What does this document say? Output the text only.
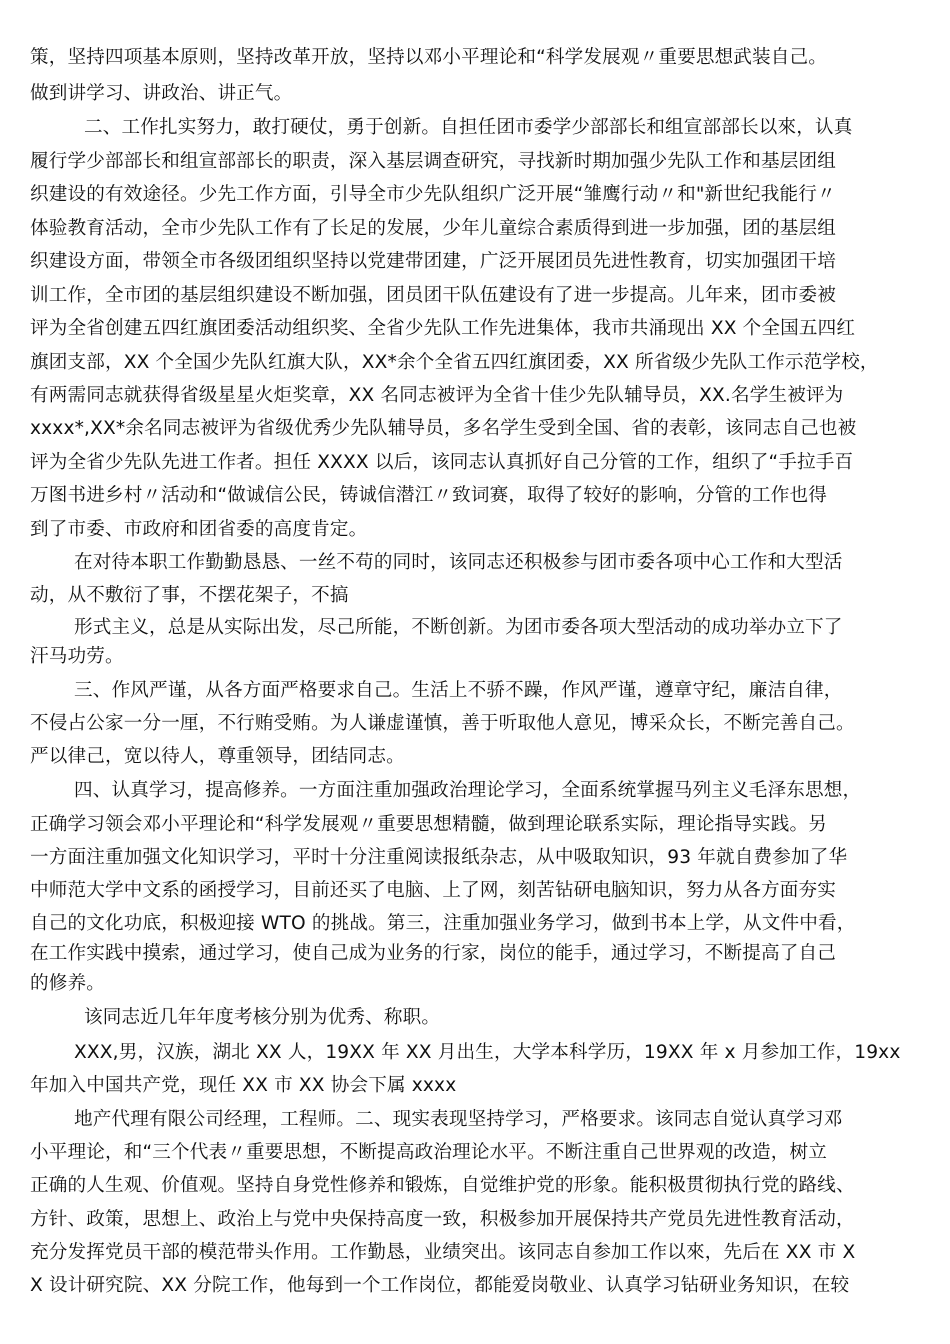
策，坚持四项基本原则，坚持改革开放，坚持以邓小平理论和“科学发展观〃重要思想武装自己。
做到讲学习、讲政治、讲正气。
二、工作扎实努力，敢打硬仗，勇于创新。自担任团市委学少部部长和组宣部部长以來，认真
履行学少部部长和组宣部部长的职责，深入基层调查研究，寻找新时期加强少先队工作和基层团组
织建设的有效途径。少先工作方面，引导全市少先队组织广泛开展“雏鹰行动〃和"新世纪我能行〃
体验教育活动，全市少先队工作有了长足的发展，少年儿童综合素质得到进一步加强，团的基层组
织建设方面，带领全市各级团组织坚持以党建带团建，广泛开展团员先进性教育，切实加强团干培
训工作，全市团的基层组织建设不断加强，团员团干队伍建设有了进一步提高。儿年来，团市委被
评为全省创建五四红旗团委活动组织奖、全省少先队工作先进集体，我市共涌现出 XX 个全国五四红
旗团支部，XX 个全国少先队红旗大队，XX*余个全省五四红旗团委，XX 所省级少先队工作示范学校，
有两需同志就获得省级星星火炬奖章，XX 名同志被评为全省十佳少先队辅导员，XX.名学生被评为
xxxx*,XX*余名同志被评为省级优秀少先队辅导员，多名学生受到全国、省的表彰，该同志自己也被
评为全省少先队先进工作者。担任 XXXX 以后，该同志认真抓好自己分管的工作，组织了“手拉手百
万图书进乡村〃活动和“做诚信公民，铸诚信潜江〃致词赛，取得了较好的影响，分管的工作也得
到了市委、市政府和团省委的高度肯定。
在对待本职工作勤勤恳恳、一丝不苟的同时，该同志还积极参与团市委各项中心工作和大型活
动，从不敷衍了事，不摆花架子，不搞
形式主义，总是从实际出发，尽己所能，不断创新。为团市委各项大型活动的成功举办立下了
汗马功劳。
三、作风严谨，从各方面严格要求自己。生活上不骄不躁，作风严谨，遵章守纪，廉洁自律，
不侵占公家一分一厘，不行贿受贿。为人谦虚谨慎，善于听取他人意见，博采众长，不断完善自己。
严以律己，宽以待人，尊重领导，团结同志。
四、认真学习，提高修养。一方面注重加强政治理论学习，全面系统掌握马列主义毛泽东思想，
正确学习领会邓小平理论和“科学发展观〃重要思想精髓，做到理论联系实际，理论指导实践。另
一方面注重加强文化知识学习，平时十分注重阅读报纸杂志，从中吸取知识，93 年就自费参加了华
中师范大学中文系的函授学习，目前还买了电脑、上了网，刻苦钻研电脑知识，努力从各方面夯实
自己的文化功底，积极迎接 WTO 的挑战。第三，注重加强业务学习，做到书本上学，从文件中看，
在工作实践中摸索，通过学习，使自己成为业务的行家，岗位的能手，通过学习，不断提高了自己
的修养。
该同志近几年年度考核分别为优秀、称职。
XXX,男，汉族，湖北 XX 人，19XX 年 XX 月出生，大学本科学历，19XX 年 x 月参加工作，19xx
年加入中国共产党，现任 XX 市 XX 协会下属 xxxx
地产代理有限公司经理，工程师。二、现实表现坚持学习，严格要求。该同志自觉认真学习邓
小平理论，和“三个代表〃重要思想，不断提高政治理论水平。不断注重自己世界观的改造，树立
正确的人生观、价值观。坚持自身党性修养和锻炼，自觉维护党的形象。能积极贯彻执行党的路线、
方针、政策，思想上、政治上与党中央保持高度一致，积极参加开展保持共产党员先进性教育活动，
充分发挥党员干部的模范带头作用。工作勤恳，业绩突出。该同志自参加工作以來，先后在 XX 市 X
X 设计研究院、XX 分院工作，他每到一个工作岗位，都能爱岗敬业、认真学习钻研业务知识，在较
